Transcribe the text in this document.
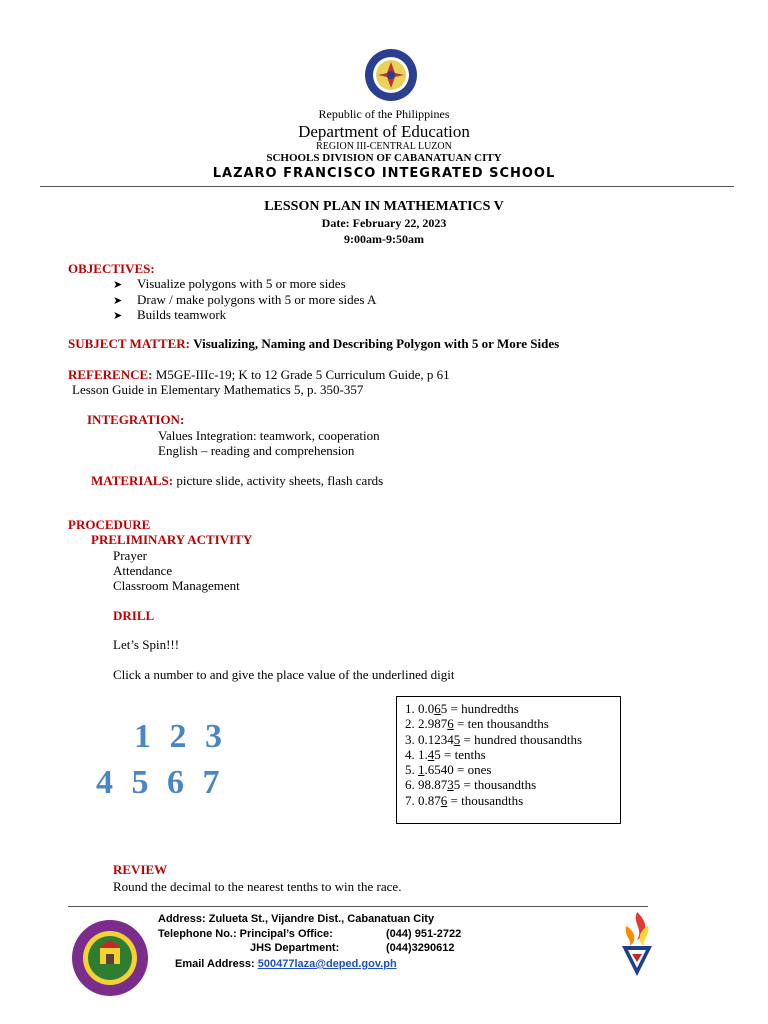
Republic of the Philippines
Department of Education
REGION III-CENTRAL LUZON
SCHOOLS DIVISION OF CABANATUAN CITY
LAZARO FRANCISCO INTEGRATED SCHOOL
LESSON PLAN IN MATHEMATICS V
Date: February 22, 2023
9:00am-9:50am
OBJECTIVES:
➤ Visualize polygons with 5 or more sides
➤ Draw / make polygons with 5 or more sides A
➤ Builds teamwork
SUBJECT MATTER: Visualizing, Naming and Describing Polygon with 5 or More Sides
REFERENCE: M5GE-IIIc-19; K to 12 Grade 5 Curriculum Guide, p 61
Lesson Guide in Elementary Mathematics 5, p. 350-357
INTEGRATION:
Values Integration: teamwork, cooperation
English – reading and comprehension
MATERIALS: picture slide, activity sheets, flash cards
PROCEDURE
PRELIMINARY ACTIVITY
Prayer
Attendance
Classroom Management
DRILL
Let’s Spin!!!
Click a number to and give the place value of the underlined digit
1 2 3
4 5 6 7
1. 0.065 = hundredths
2. 2.9876 = ten thousandths
3. 0.12345 = hundred thousandths
4. 1.45 = tenths
5. 1.6540 = ones
6. 98.8735 = thousandths
7. 0.876 = thousandths
REVIEW
Round the decimal to the nearest tenths to win the race.
Address: Zulueta St., Vijandre Dist., Cabanatuan City
Telephone No.: Principal’s Office:	(044) 951-2722
JHS Department:	(044)3290612
Email Address: 500477laza@deped.gov.ph
